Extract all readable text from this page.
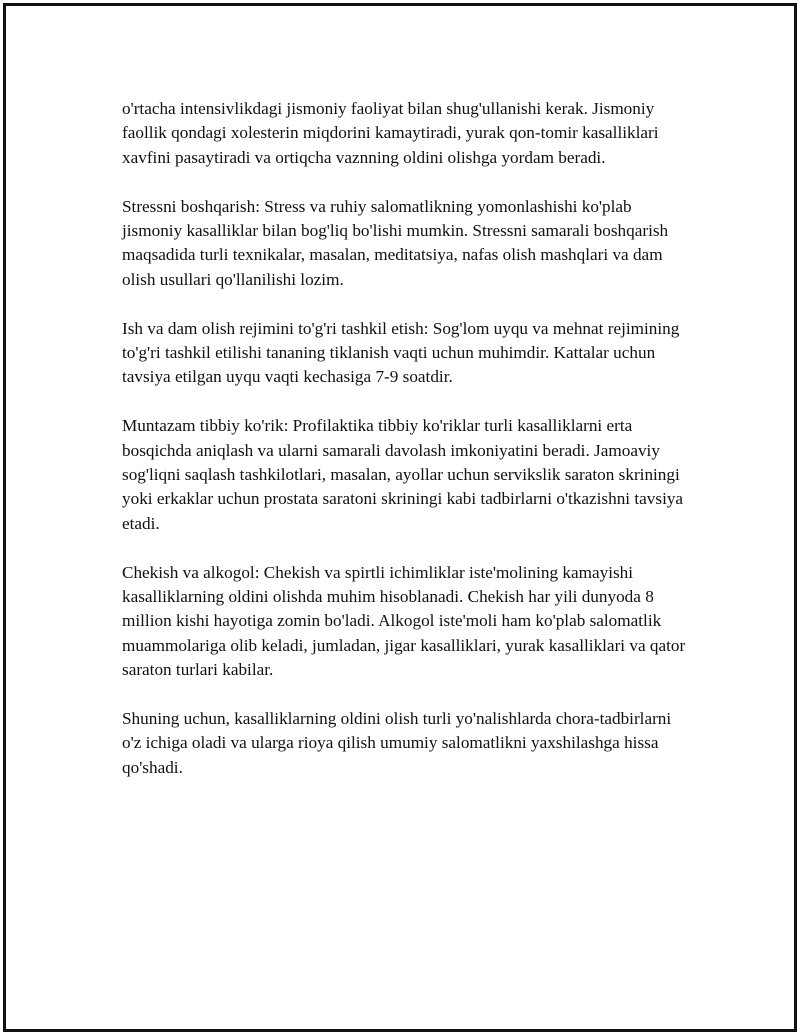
o'rtacha intensivlikdagi jismoniy faoliyat bilan shug'ullanishi kerak. Jismoniy faollik qondagi xolesterin miqdorini kamaytiradi, yurak qon-tomir kasalliklari xavfini pasaytiradi va ortiqcha vaznning oldini olishga yordam beradi.

Stressni boshqarish: Stress va ruhiy salomatlikning yomonlashishi ko'plab jismoniy kasalliklar bilan bog'liq bo'lishi mumkin. Stressni samarali boshqarish maqsadida turli texnikalar, masalan, meditatsiya, nafas olish mashqlari va dam olish usullari qo'llanilishi lozim.

Ish va dam olish rejimini to'g'ri tashkil etish: Sog'lom uyqu va mehnat rejimining to'g'ri tashkil etilishi tananing tiklanish vaqti uchun muhimdir. Kattalar uchun tavsiya etilgan uyqu vaqti kechasiga 7-9 soatdir.

Muntazam tibbiy ko'rik: Profilaktika tibbiy ko'riklar turli kasalliklarni erta bosqichda aniqlash va ularni samarali davolash imkoniyatini beradi. Jamoaviy sog'liqni saqlash tashkilotlari, masalan, ayollar uchun servikslik saraton skriningi yoki erkaklar uchun prostata saratoni skriningi kabi tadbirlarni o'tkazishni tavsiya etadi.

Chekish va alkogol: Chekish va spirtli ichimliklar iste'molining kamayishi kasalliklarning oldini olishda muhim hisoblanadi. Chekish har yili dunyoda 8 million kishi hayotiga zomin bo'ladi. Alkogol iste'moli ham ko'plab salomatlik muammolariga olib keladi, jumladan, jigar kasalliklari, yurak kasalliklari va qator saraton turlari kabilar.

Shuning uchun, kasalliklarning oldini olish turli yo'nalishlarda chora-tadbirlarni o'z ichiga oladi va ularga rioya qilish umumiy salomatlikni yaxshilashga hissa qo'shadi.
